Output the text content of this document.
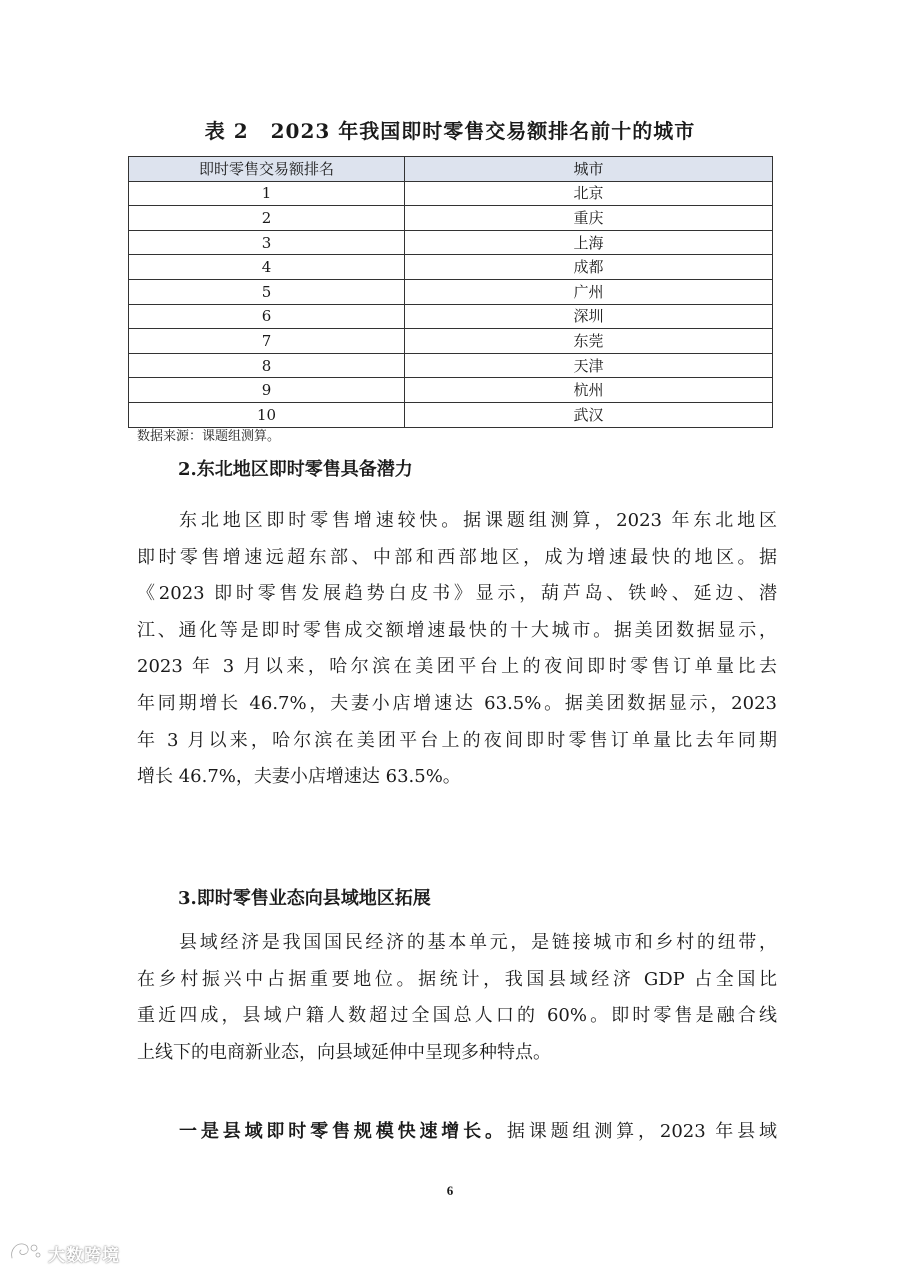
表 2 2023 年我国即时零售交易额排名前十的城市
即时零售交易额排名	城市
1	北京
2	重庆
3	上海
4	成都
5	广州
6	深圳
7	东莞
8	天津
9	杭州
10	武汉
数据来源：课题组测算。
2.东北地区即时零售具备潜力
东北地区即时零售增速较快。据课题组测算，2023 年东北地区
即时零售增速远超东部、中部和西部地区，成为增速最快的地区。据
《2023 即时零售发展趋势白皮书》显示，葫芦岛、铁岭、延边、潜
江、通化等是即时零售成交额增速最快的十大城市。据美团数据显示，
2023 年 3 月以来，哈尔滨在美团平台上的夜间即时零售订单量比去
年同期增长 46.7%，夫妻小店增速达 63.5%。据美团数据显示，2023
年 3 月以来，哈尔滨在美团平台上的夜间即时零售订单量比去年同期
增长 46.7%，夫妻小店增速达 63.5%。
3.即时零售业态向县域地区拓展
县域经济是我国国民经济的基本单元，是链接城市和乡村的纽带，
在乡村振兴中占据重要地位。据统计，我国县域经济 GDP 占全国比
重近四成，县域户籍人数超过全国总人口的 60%。即时零售是融合线
上线下的电商新业态，向县域延伸中呈现多种特点。
一是县域即时零售规模快速增长。据课题组测算，2023 年县域
6
大数跨境
